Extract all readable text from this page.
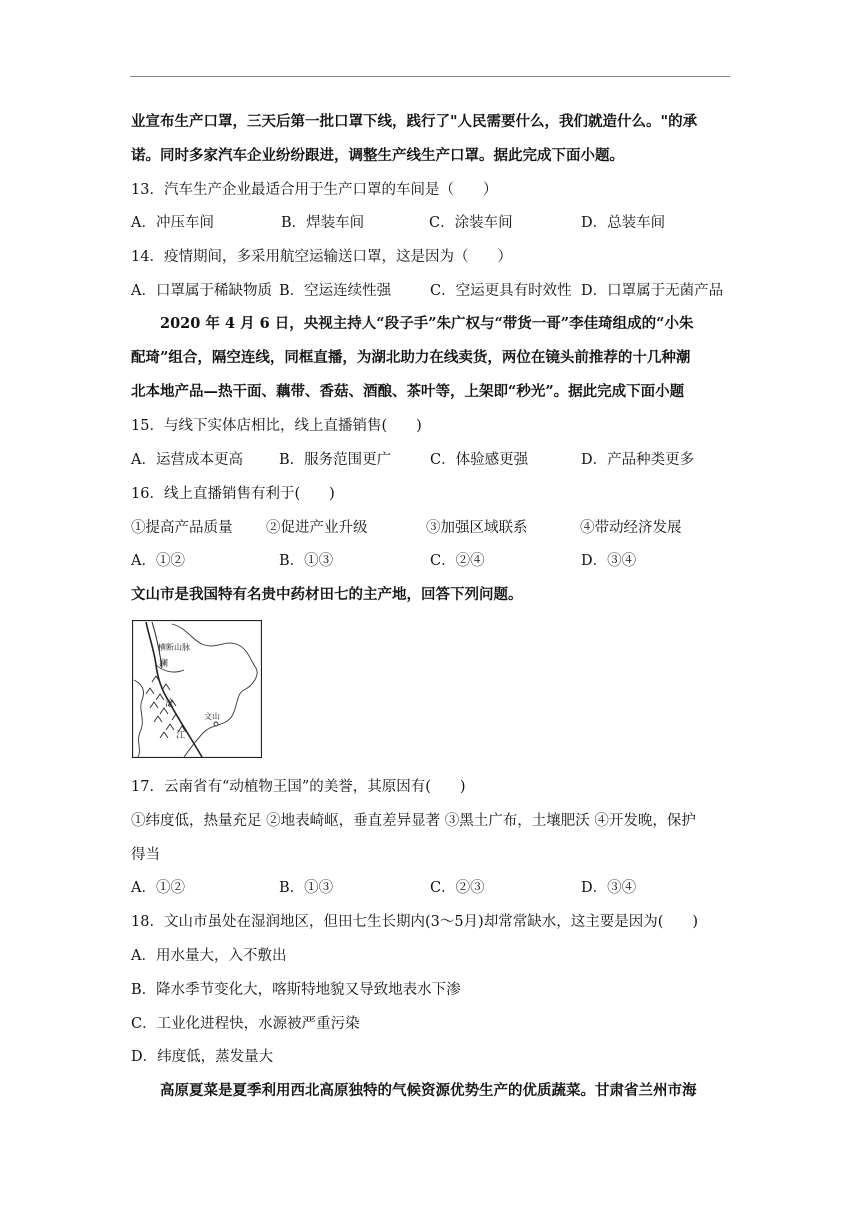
业宣布生产口罩，三天后第一批口罩下线，践行了"人民需要什么，我们就造什么。"的承
诺。同时多家汽车企业纷纷跟进，调整生产线生产口罩。据此完成下面小题。
13．汽车生产企业最适合用于生产口罩的车间是（　　）
A．冲压车间	B．焊装车间	C．涂装车间	D．总装车间
14．疫情期间，多采用航空运输送口罩，这是因为（　　）
A．口罩属于稀缺物质 B．空运连续性强	C．空运更具有时效性 D．口罩属于无菌产品
2020 年 4 月 6 日，央视主持人“段子手”朱广权与“带货一哥”李佳琦组成的“小朱
配琦”组合，隔空连线，同框直播，为湖北助力在线卖货，两位在镜头前推荐的十几种潮
北本地产品—热干面、藕带、香菇、酒酿、茶叶等，上架即“秒光”。据此完成下面小题
15．与线下实体店相比，线上直播销售(　　)
A．运营成本更高	B．服务范围更广	C．体验感更强	D．产品种类更多
16．线上直播销售有利于(　　)
①提高产品质量	②促进产业升级	③加强区域联系	④带动经济发展
A．①②	B．①③	C．②④	D．③④
文山市是我国特有名贵中药材田七的主产地，回答下列问题。
横断山脉
澜
沧
江
文山
17．云南省有“动植物王国”的美誉，其原因有(　　)
①纬度低，热量充足 ②地表崎岖，垂直差异显著 ③黑土广布，土壤肥沃 ④开发晚，保护
得当
A．①②	B．①③	C．②③	D．③④
18．文山市虽处在湿润地区，但田七生长期内(3～5月)却常常缺水，这主要是因为(　　)
A．用水量大，入不敷出
B．降水季节变化大，喀斯特地貌又导致地表水下渗
C．工业化进程快，水源被严重污染
D．纬度低，蒸发量大
高原夏菜是夏季利用西北高原独特的气候资源优势生产的优质蔬菜。甘肃省兰州市海
